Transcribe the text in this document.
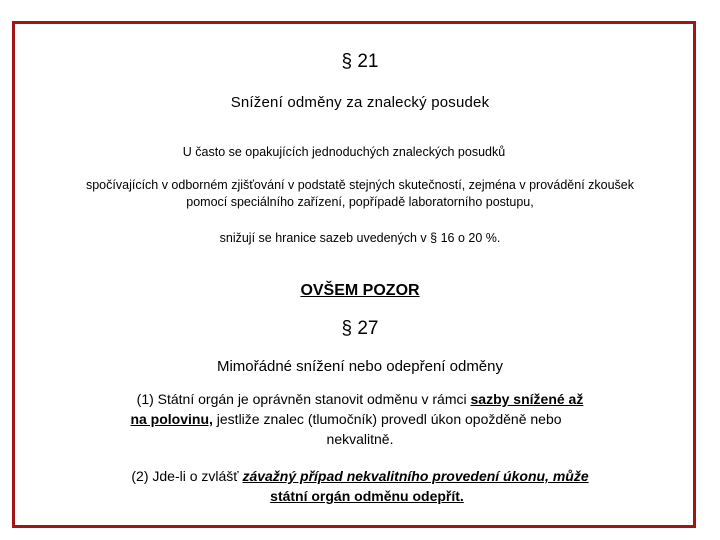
§ 21
Snížení odměny za znalecký posudek
U často se opakujících jednoduchých znaleckých posudků
spočívajících v odborném zjišťování v podstatě stejných skutečností, zejména v provádění zkoušek
pomocí speciálního zařízení, popřípadě laboratorního postupu,
snižují se hranice sazeb uvedených v § 16 o 20 %.
OVŠEM POZOR
§ 27
Mimořádné snížení nebo odepření odměny
(1) Státní orgán je oprávněn stanovit odměnu v rámci sazby snížené až
na polovinu, jestliže znalec (tlumočník) provedl úkon opožděně nebo
nekvalitně.
(2) Jde-li o zvlášť závažný případ nekvalitního provedení úkonu, může
státní orgán odměnu odepřít.
